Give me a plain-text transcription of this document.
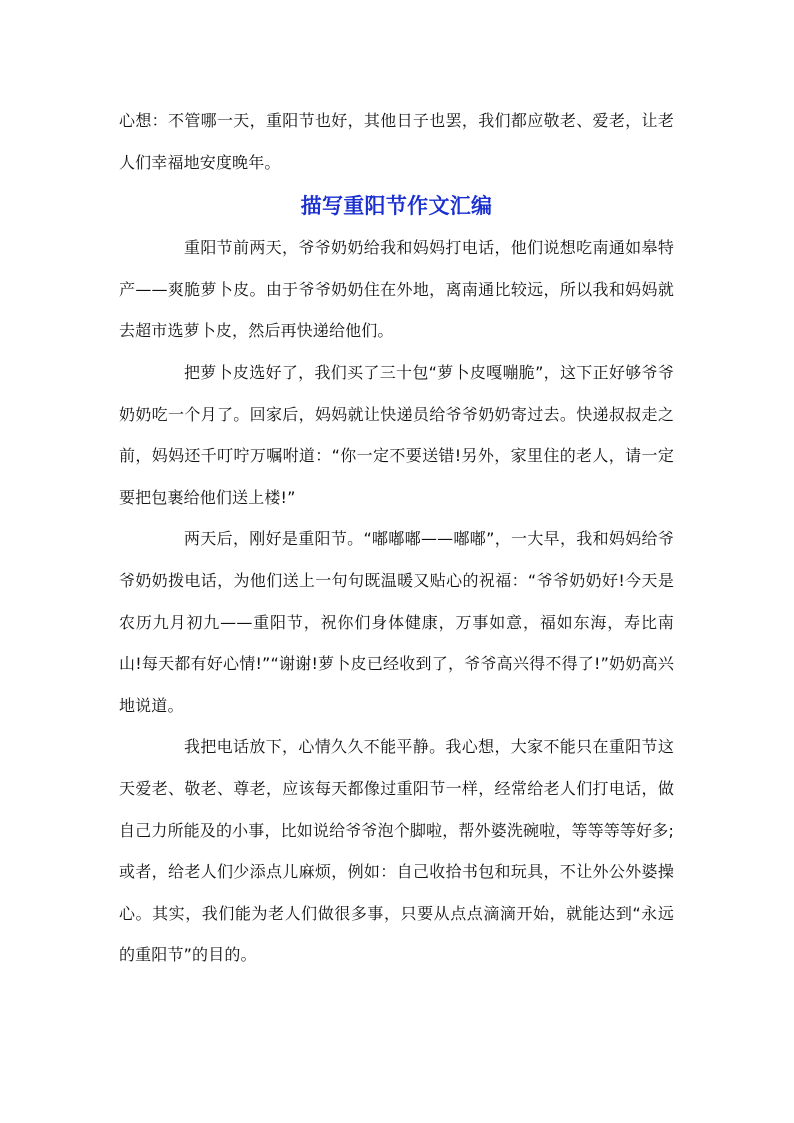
心想：不管哪一天，重阳节也好，其他日子也罢，我们都应敬老、爱老，让老人们幸福地安度晚年。

描写重阳节作文汇编

重阳节前两天，爷爷奶奶给我和妈妈打电话，他们说想吃南通如皋特产——爽脆萝卜皮。由于爷爷奶奶住在外地，离南通比较远，所以我和妈妈就去超市选萝卜皮，然后再快递给他们。

把萝卜皮选好了，我们买了三十包“萝卜皮嘎嘣脆”，这下正好够爷爷奶奶吃一个月了。回家后，妈妈就让快递员给爷爷奶奶寄过去。快递叔叔走之前，妈妈还千叮咛万嘱咐道：“你一定不要送错!另外，家里住的老人，请一定要把包裹给他们送上楼!”

两天后，刚好是重阳节。“嘟嘟嘟——嘟嘟”，一大早，我和妈妈给爷爷奶奶拨电话，为他们送上一句句既温暖又贴心的祝福：“爷爷奶奶好!今天是农历九月初九——重阳节，祝你们身体健康，万事如意，福如东海，寿比南山!每天都有好心情!”“谢谢!萝卜皮已经收到了，爷爷高兴得不得了!”奶奶高兴地说道。

我把电话放下，心情久久不能平静。我心想，大家不能只在重阳节这天爱老、敬老、尊老，应该每天都像过重阳节一样，经常给老人们打电话，做自己力所能及的小事，比如说给爷爷泡个脚啦，帮外婆洗碗啦，等等等等好多;或者，给老人们少添点儿麻烦，例如：自己收拾书包和玩具，不让外公外婆操心。其实，我们能为老人们做很多事，只要从点点滴滴开始，就能达到“永远的重阳节”的目的。
